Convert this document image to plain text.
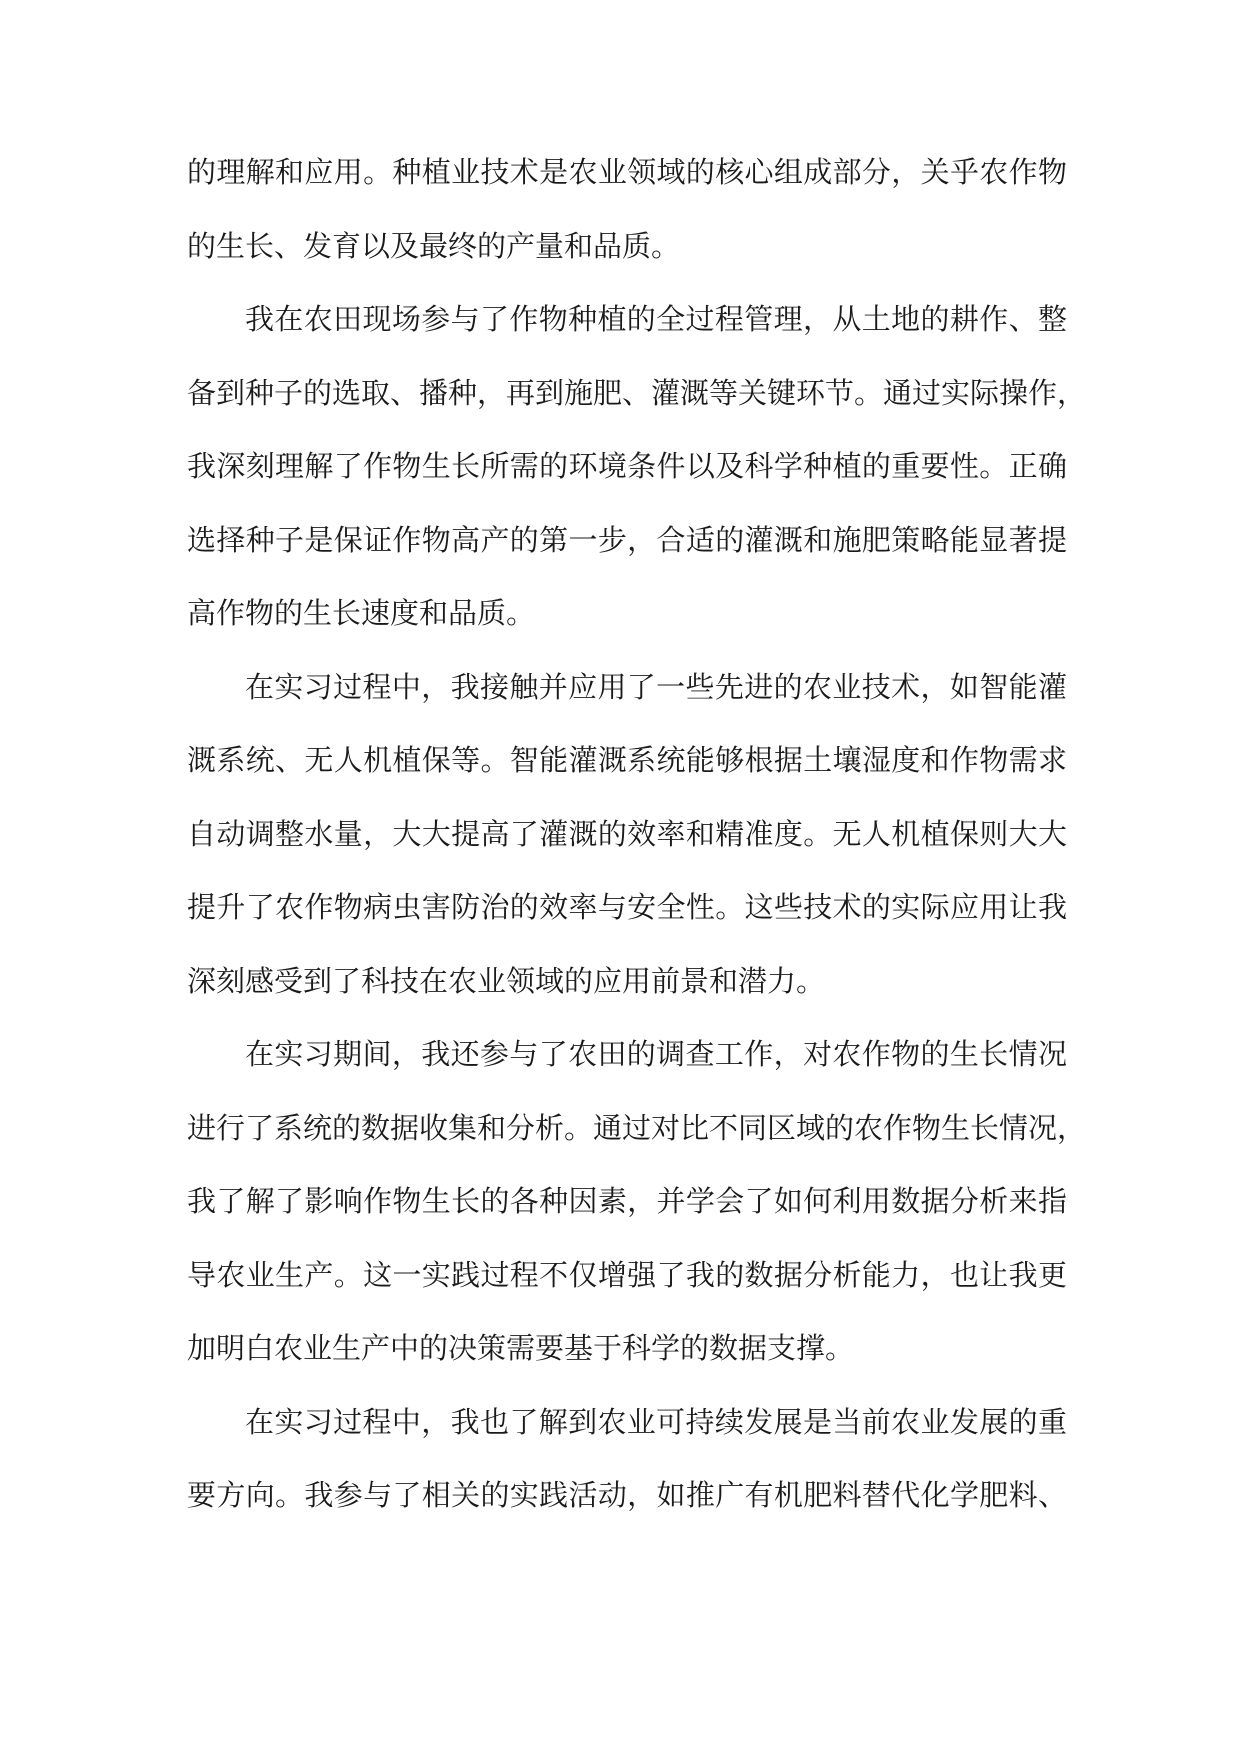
的理解和应用。种植业技术是农业领域的核心组成部分，关乎农作物
的生长、发育以及最终的产量和品质。
我在农田现场参与了作物种植的全过程管理，从土地的耕作、整
备到种子的选取、播种，再到施肥、灌溉等关键环节。通过实际操作，
我深刻理解了作物生长所需的环境条件以及科学种植的重要性。正确
选择种子是保证作物高产的第一步，合适的灌溉和施肥策略能显著提
高作物的生长速度和品质。
在实习过程中，我接触并应用了一些先进的农业技术，如智能灌
溉系统、无人机植保等。智能灌溉系统能够根据土壤湿度和作物需求
自动调整水量，大大提高了灌溉的效率和精准度。无人机植保则大大
提升了农作物病虫害防治的效率与安全性。这些技术的实际应用让我
深刻感受到了科技在农业领域的应用前景和潜力。
在实习期间，我还参与了农田的调查工作，对农作物的生长情况
进行了系统的数据收集和分析。通过对比不同区域的农作物生长情况，
我了解了影响作物生长的各种因素，并学会了如何利用数据分析来指
导农业生产。这一实践过程不仅增强了我的数据分析能力，也让我更
加明白农业生产中的决策需要基于科学的数据支撑。
在实习过程中，我也了解到农业可持续发展是当前农业发展的重
要方向。我参与了相关的实践活动，如推广有机肥料替代化学肥料、
